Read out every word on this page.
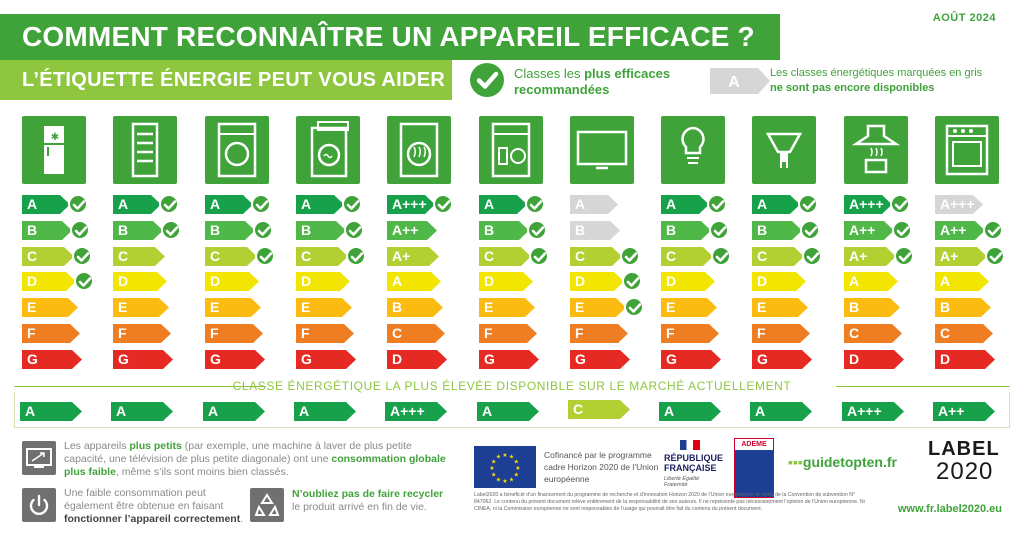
COMMENT RECONNAÎTRE UN APPAREIL EFFICACE ?
AOÛT 2024
L’ÉTIQUETTE ÉNERGIE PEUT VOUS AIDER	Classes les plus efficaces
recommandées	A
Les classes énergétiques marquées en gris
ne sont pas encore disponibles
✱
A
B
C
D
E
F
G
A
B
C
D
E
F
G
A
B
C
D
E
F
G
A
B
C
D
E
F
G
A+++
A++
A+
A
B
C
D
A
B
C
D
E
F
G
A
B
C
D
E
F
G
A
B
C
D
E
F
G
A
B
C
D
E
F
G
A+++
A++
A+
A
B
C
D
A+++
A++
A+
A
B
C
D
CLASSE ÉNERGÉTIQUE LA PLUS ÉLEVÉE DISPONIBLE SUR LE MARCHÉ ACTUELLEMENT
A	A	A	A	A+++	A	C	A	A	A+++	A++
Les appareils plus petits (par exemple, une machine à laver de plus petite capacité, une télévision de plus petite diagonale) ont une consommation globale plus faible, même s’ils sont moins bien classés.
Une faible consommation peut également être obtenue en faisant fonctionner l’appareil correctement.
N’oubliez pas de faire recycler
le produit arrivé en fin de vie.
★
★
★
★
★
★
★
★
★ ★ ★
★
Cofinancé par le programme cadre Horizon 2020 de l’Union européenne
RÉPUBLIQUE
FRANÇAISE
Liberté Égalité Fraternité
ADEME
▪▪▪guidetopten.fr
LABEL
2020
Label2020 a bénéficié d’un financement du programme de recherche et d’innovation Horizon 2020 de l’Union européenne en vertu de la Convention de subvention N° 847062. Le contenu du présent document relève entièrement de la responsabilité de ses auteurs. Il ne représente pas nécessairement l’opinion de l’Union européenne. Ni CINEA, ni la Commission européenne ne sont responsables de l’usage qui pourrait être fait du contenu du présent document.	www.fr.label2020.eu
